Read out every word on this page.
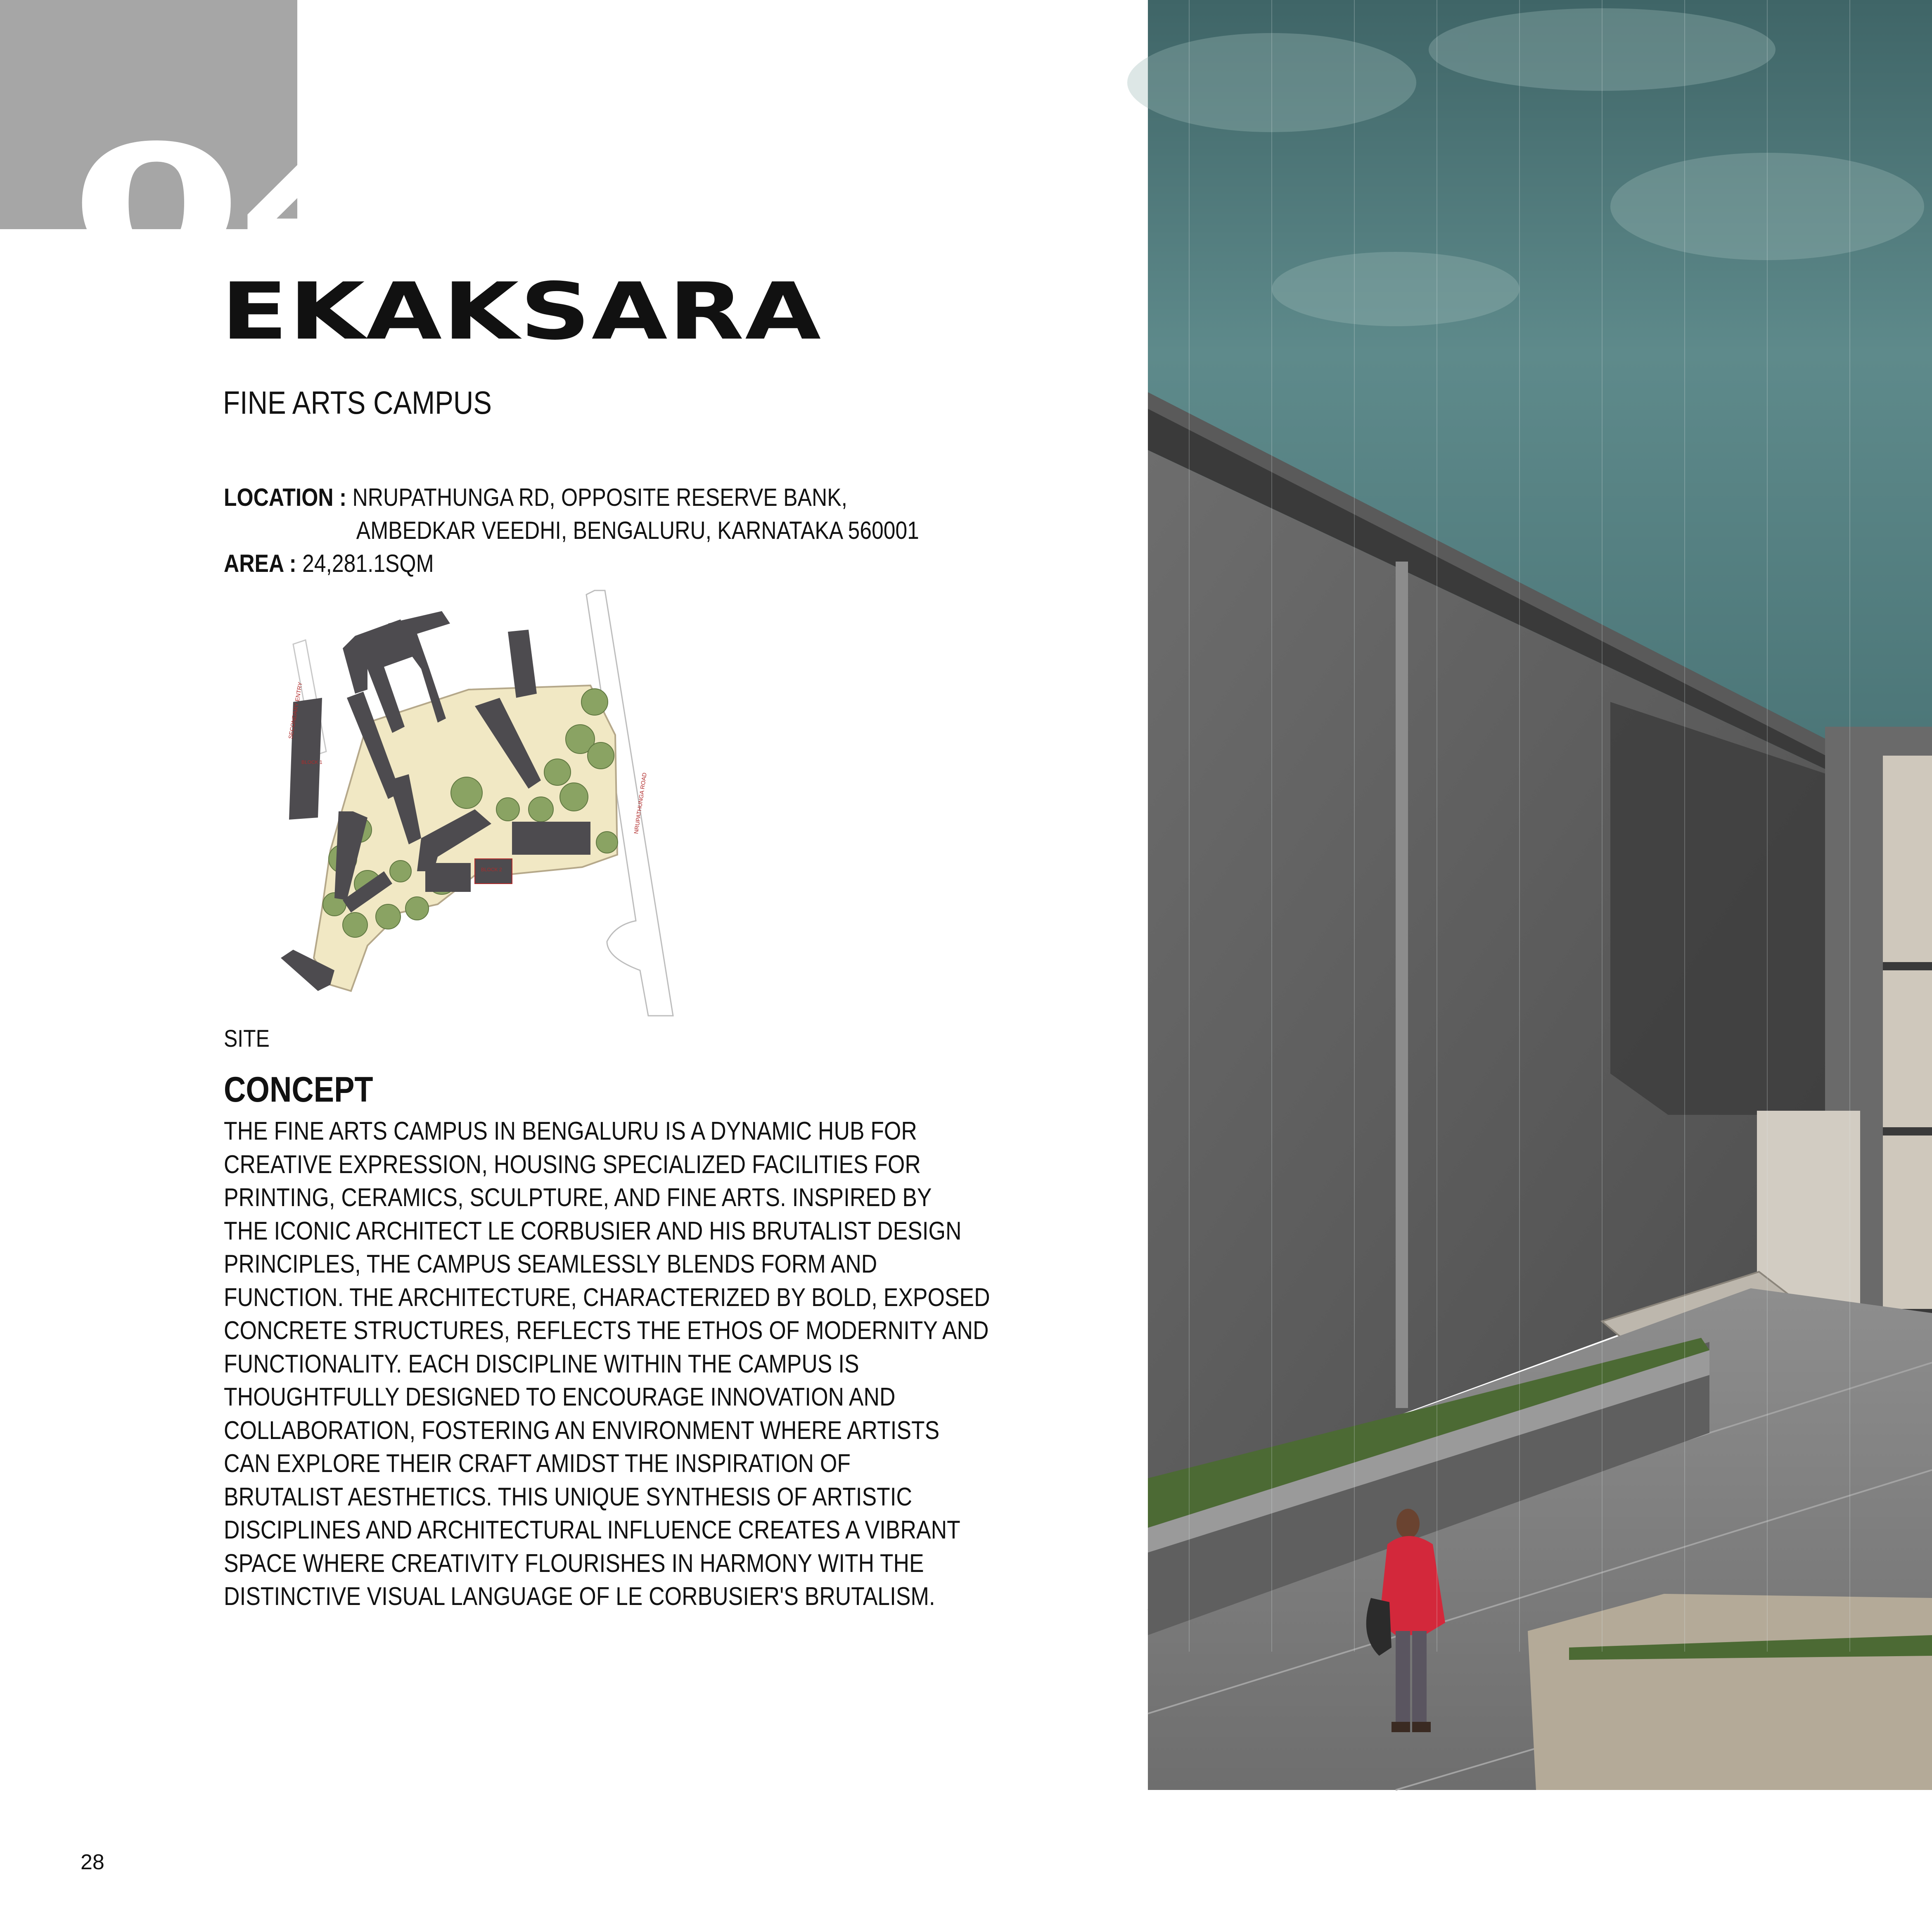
04
EKAKSARA
FINE ARTS CAMPUS
LOCATION : NRUPATHUNGA RD, OPPOSITE RESERVE BANK,
AMBEDKAR VEEDHI, BENGALURU, KARNATAKA 560001
AREA : 24,281.1SQM
SECONDARY ENTRY
NRUPATHUNGA ROAD
BLOCK 1
BLOCK 2
SITE
CONCEPT
THE FINE ARTS CAMPUS IN BENGALURU IS A DYNAMIC HUB FOR
CREATIVE EXPRESSION, HOUSING SPECIALIZED FACILITIES FOR
PRINTING, CERAMICS, SCULPTURE, AND FINE ARTS. INSPIRED BY
THE ICONIC ARCHITECT LE CORBUSIER AND HIS BRUTALIST DESIGN
PRINCIPLES, THE CAMPUS SEAMLESSLY BLENDS FORM AND
FUNCTION. THE ARCHITECTURE, CHARACTERIZED BY BOLD, EXPOSED
CONCRETE STRUCTURES, REFLECTS THE ETHOS OF MODERNITY AND
FUNCTIONALITY. EACH DISCIPLINE WITHIN THE CAMPUS IS
THOUGHTFULLY DESIGNED TO ENCOURAGE INNOVATION AND
COLLABORATION, FOSTERING AN ENVIRONMENT WHERE ARTISTS
CAN EXPLORE THEIR CRAFT AMIDST THE INSPIRATION OF
BRUTALIST AESTHETICS. THIS UNIQUE SYNTHESIS OF ARTISTIC
DISCIPLINES AND ARCHITECTURAL INFLUENCE CREATES A VIBRANT
SPACE WHERE CREATIVITY FLOURISHES IN HARMONY WITH THE
DISTINCTIVE VISUAL LANGUAGE OF LE CORBUSIER'S BRUTALISM.
28
